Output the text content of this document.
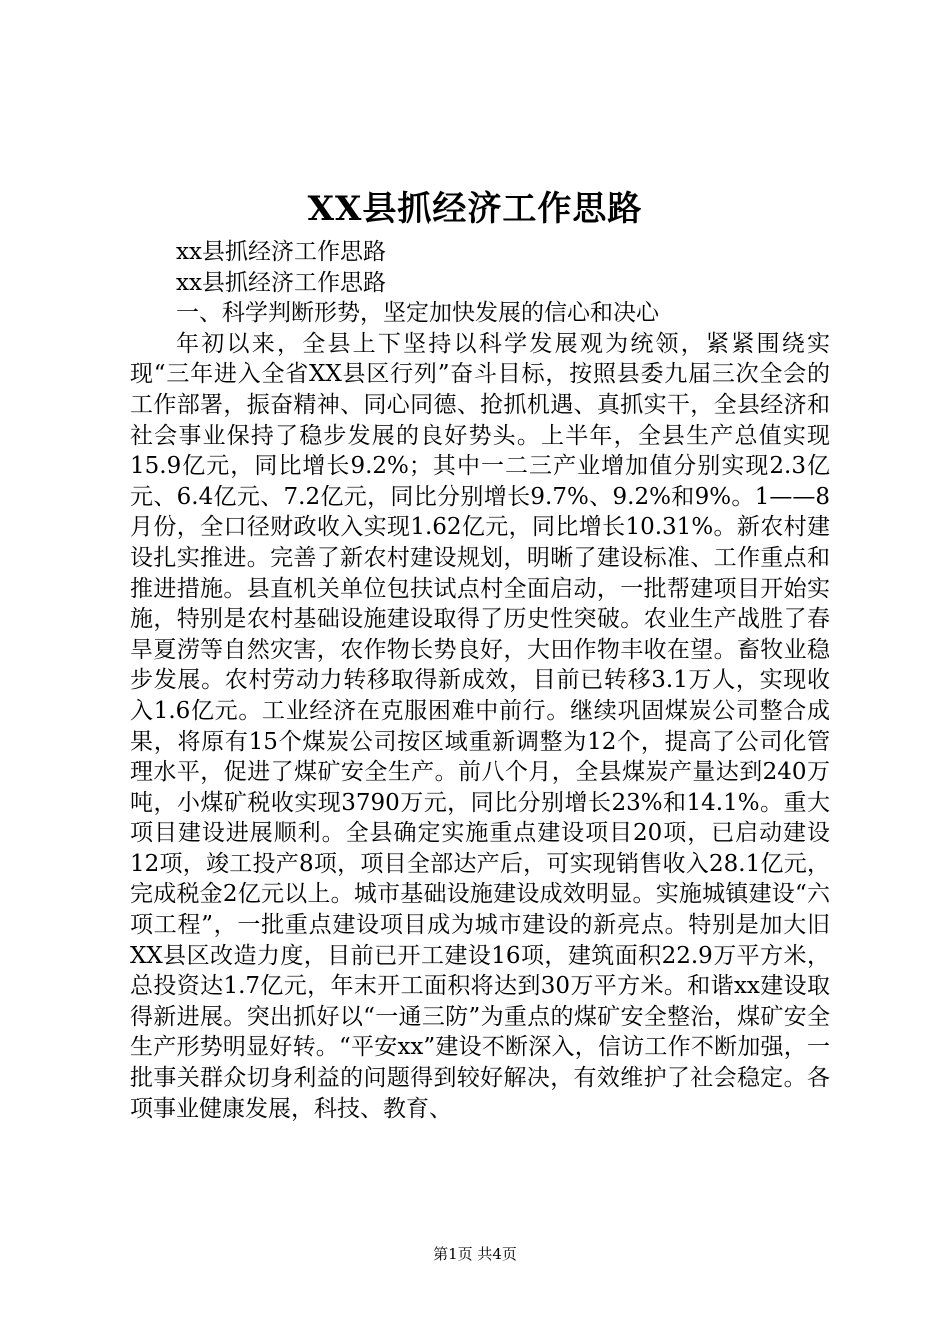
XX县抓经济工作思路

xx县抓经济工作思路

xx县抓经济工作思路

一、科学判断形势，坚定加快发展的信心和决心

年初以来，全县上下坚持以科学发展观为统领，紧紧围绕实现“三年进入全省XX县区行列”奋斗目标，按照县委九届三次全会的工作部署，振奋精神、同心同德、抢抓机遇、真抓实干，全县经济和社会事业保持了稳步发展的良好势头。上半年，全县生产总值实现15.9亿元，同比增长9.2%；其中一二三产业增加值分别实现2.3亿元、6.4亿元、7.2亿元，同比分别增长9.7%、9.2%和9%。1——8月份，全口径财政收入实现1.62亿元，同比增长10.31%。新农村建设扎实推进。完善了新农村建设规划，明晰了建设标准、工作重点和推进措施。县直机关单位包扶试点村全面启动，一批帮建项目开始实施，特别是农村基础设施建设取得了历史性突破。农业生产战胜了春旱夏涝等自然灾害，农作物长势良好，大田作物丰收在望。畜牧业稳步发展。农村劳动力转移取得新成效，目前已转移3.1万人，实现收入1.6亿元。工业经济在克服困难中前行。继续巩固煤炭公司整合成果，将原有15个煤炭公司按区域重新调整为12个，提高了公司化管理水平，促进了煤矿安全生产。前八个月，全县煤炭产量达到240万吨，小煤矿税收实现3790万元，同比分别增长23%和14.1%。重大项目建设进展顺利。全县确定实施重点建设项目20项，已启动建设12项，竣工投产8项，项目全部达产后，可实现销售收入28.1亿元，完成税金2亿元以上。城市基础设施建设成效明显。实施城镇建设“六项工程”，一批重点建设项目成为城市建设的新亮点。特别是加大旧XX县区改造力度，目前已开工建设16项，建筑面积22.9万平方米，总投资达1.7亿元，年末开工面积将达到30万平方米。和谐xx建设取得新进展。突出抓好以“一通三防”为重点的煤矿安全整治，煤矿安全生产形势明显好转。“平安xx”建设不断深入，信访工作不断加强，一批事关群众切身利益的问题得到较好解决，有效维护了社会稳定。各项事业健康发展，科技、教育、

第1页 共4页
